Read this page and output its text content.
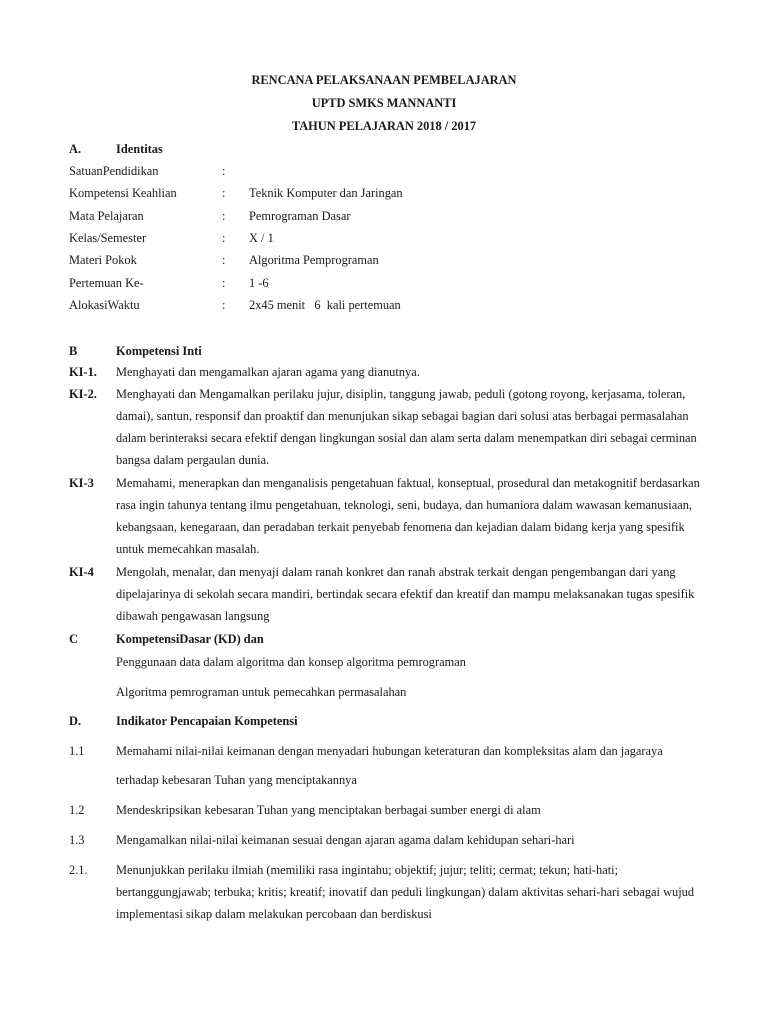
RENCANA PELAKSANAAN PEMBELAJARAN
UPTD SMKS MANNANTI
TAHUN PELAJARAN 2018 / 2017
A.	Identitas
SatuanPendidikan	:
Kompetensi Keahlian	: Teknik Komputer dan Jaringan
Mata Pelajaran	: Pemrograman Dasar
Kelas/Semester	: X / 1
Materi Pokok	: Algoritma Pemprograman
Pertemuan Ke-	: 1 -6
AlokasiWaktu	: 2x45 menit   6  kali pertemuan
B	Kompetensi Inti
KI-1. Menghayati dan mengamalkan ajaran agama yang dianutnya.
KI-2. Menghayati dan Mengamalkan perilaku jujur, disiplin, tanggung jawab, peduli (gotong royong, kerjasama, toleran,
damai), santun, responsif dan proaktif dan menunjukan sikap sebagai bagian dari solusi atas berbagai permasalahan
dalam berinteraksi secara efektif dengan lingkungan sosial dan alam serta dalam menempatkan diri sebagai cerminan
bangsa dalam pergaulan dunia.
KI-3 Memahami, menerapkan dan menganalisis pengetahuan faktual, konseptual, prosedural dan metakognitif berdasarkan
rasa ingin tahunya tentang ilmu pengetahuan, teknologi, seni, budaya, dan humaniora dalam wawasan kemanusiaan,
kebangsaan, kenegaraan, dan peradaban terkait penyebab fenomena dan kejadian dalam bidang kerja yang spesifik
untuk memecahkan masalah.
KI-4 Mengolah, menalar, dan menyaji dalam ranah konkret dan ranah abstrak terkait dengan pengembangan dari yang
dipelajarinya di sekolah secara mandiri, bertindak secara efektif dan kreatif dan mampu melaksanakan tugas spesifik
dibawah pengawasan langsung
C	KompetensiDasar (KD) dan
Penggunaan data dalam algoritma dan konsep algoritma pemrograman
Algoritma pemrograman untuk pemecahkan permasalahan
D.	Indikator Pencapaian Kompetensi
1.1	Memahami nilai-nilai keimanan dengan menyadari hubungan keteraturan dan kompleksitas alam dan jagaraya
terhadap kebesaran Tuhan yang menciptakannya
1.2	Mendeskripsikan kebesaran Tuhan yang menciptakan berbagai sumber energi di alam
1.3	Mengamalkan nilai-nilai keimanan sesuai dengan ajaran agama dalam kehidupan sehari-hari
2.1. Menunjukkan perilaku ilmiah (memiliki rasa ingintahu; objektif; jujur; teliti; cermat; tekun; hati-hati;
bertanggungjawab; terbuka; kritis; kreatif; inovatif dan peduli lingkungan) dalam aktivitas sehari-hari sebagai wujud
implementasi sikap dalam melakukan percobaan dan berdiskusi
